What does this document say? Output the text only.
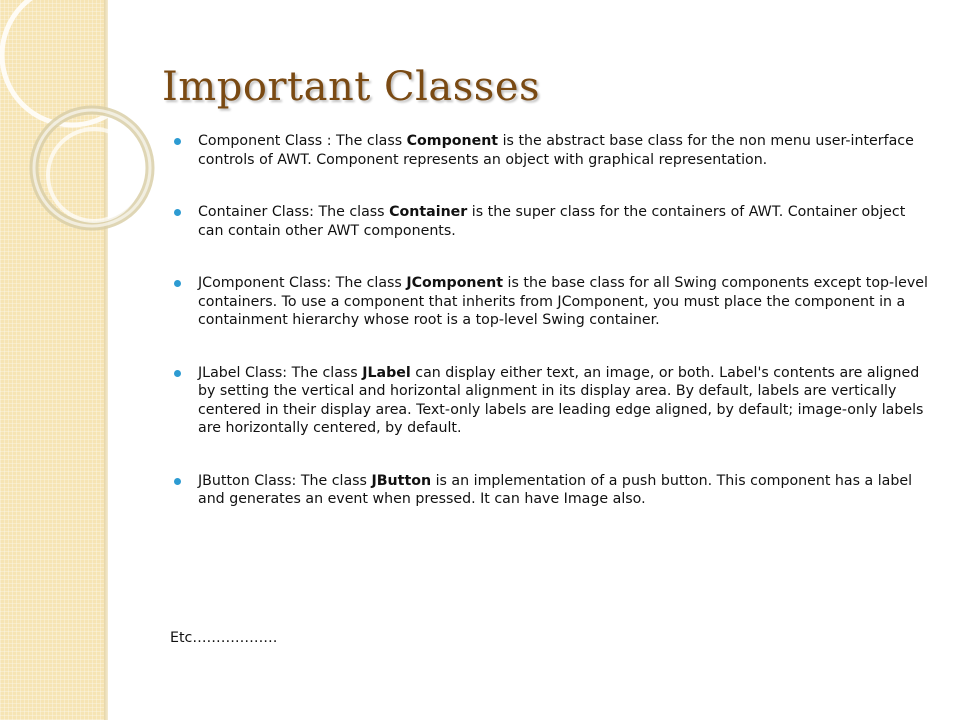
Important Classes
Component Class : The class Component is the abstract base class for the non menu user-interface controls of AWT. Component represents an object with graphical representation.
Container Class: The class Container is the super class for the containers of AWT. Container object can contain other AWT components.
JComponent Class: The class JComponent is the base class for all Swing components except top-level containers. To use a component that inherits from JComponent, you must place the component in a containment hierarchy whose root is a top-level Swing container.
JLabel Class: The class JLabel can display either text, an image, or both. Label's contents are aligned by setting the vertical and horizontal alignment in its display area. By default, labels are vertically centered in their display area. Text-only labels are leading edge aligned, by default; image-only labels are horizontally centered, by default.
JButton Class: The class JButton is an implementation of a push button. This component has a label and generates an event when pressed. It can have Image also.

Etc………………
